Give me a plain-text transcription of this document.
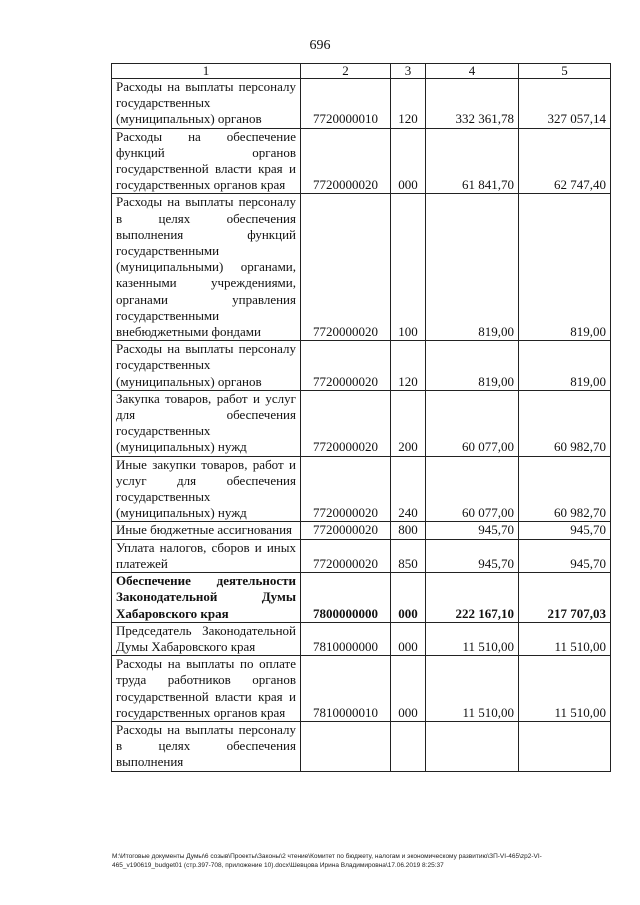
696
1	2	3	4	5
Расходы на выплаты персоналу государственных (муниципальных) органов	7720000010	120	332 361,78	327 057,14
Расходы на обеспечение функций органов государственной власти края и государственных органов края	7720000020	000	61 841,70	62 747,40
Расходы на выплаты персоналу в целях обеспечения выполнения функций государственными (муниципальными) органами, казенными учреждениями, органами управления государственными внебюджетными фондами	7720000020	100	819,00	819,00
Расходы на выплаты персоналу государственных (муниципальных) органов	7720000020	120	819,00	819,00
Закупка товаров, работ и услуг для обеспечения государственных (муниципальных) нужд	7720000020	200	60 077,00	60 982,70
Иные закупки товаров, работ и услуг для обеспечения государственных (муниципальных) нужд	7720000020	240	60 077,00	60 982,70
Иные бюджетные ассигнования	7720000020	800	945,70	945,70
Уплата налогов, сборов и иных платежей	7720000020	850	945,70	945,70
Обеспечение деятельности Законодательной Думы Хабаровского края	7800000000	000	222 167,10	217 707,03
Председатель Законодательной Думы Хабаровского края	7810000000	000	11 510,00	11 510,00
Расходы на выплаты по оплате труда работников органов государственной власти края и государственных органов края	7810000010	000	11 510,00	11 510,00
Расходы на выплаты персоналу в целях обеспечения выполнения				
M:\Итоговые документы Думы\6 созыв\Проекты\Законы\2 чтение\Комитет по бюджету, налогам и экономическому развитию\ЗП-VI-465\zp2-VI-
465_v190619_budget01 (стр.397-708, приложение 10).docx\Шевцова Ирина Владимировна\17.06.2019 8:25:37
